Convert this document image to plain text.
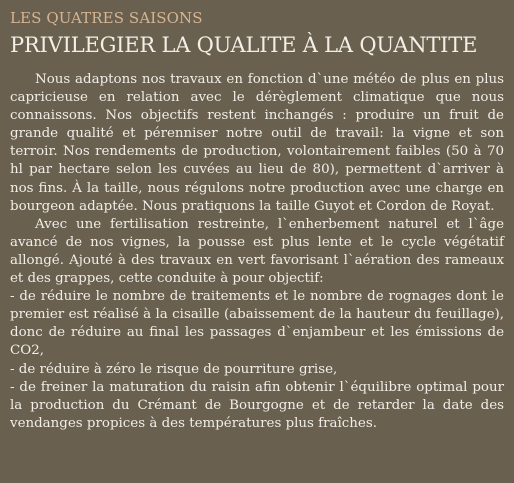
LES QUATRES SAISONS
PRIVILEGIER LA QUALITE À LA QUANTITE

Nous adaptons nos travaux en fonction d`une météo de plus en plus capricieuse en relation avec le dérèglement climatique que nous connaissons. Nos objectifs restent inchangés : produire un fruit de grande qualité et pérenniser notre outil de travail: la vigne et son terroir. Nos rendements de production, volontairement faibles (50 à 70 hl par hectare selon les cuvées au lieu de 80), permettent d`arriver à nos fins. À la taille, nous régulons notre production avec une charge en bourgeon adaptée. Nous pratiquons la taille Guyot et Cordon de Royat.

Avec une fertilisation restreinte, l`enherbement naturel et l`âge avancé de nos vignes, la pousse est plus lente et le cycle végétatif allongé. Ajouté à des travaux en vert favorisant l`aération des rameaux et des grappes, cette conduite à pour objectif:

- de réduire le nombre de traitements et le nombre de rognages dont le premier est réalisé à la cisaille (abaissement de la hauteur du feuillage), donc de réduire au final les passages d`enjambeur et les émissions de CO2,

- de réduire à zéro le risque de pourriture grise,

- de freiner la maturation du raisin afin obtenir l`équilibre optimal pour la production du Crémant de Bourgogne et de retarder la date des vendanges propices à des températures plus fraîches.
